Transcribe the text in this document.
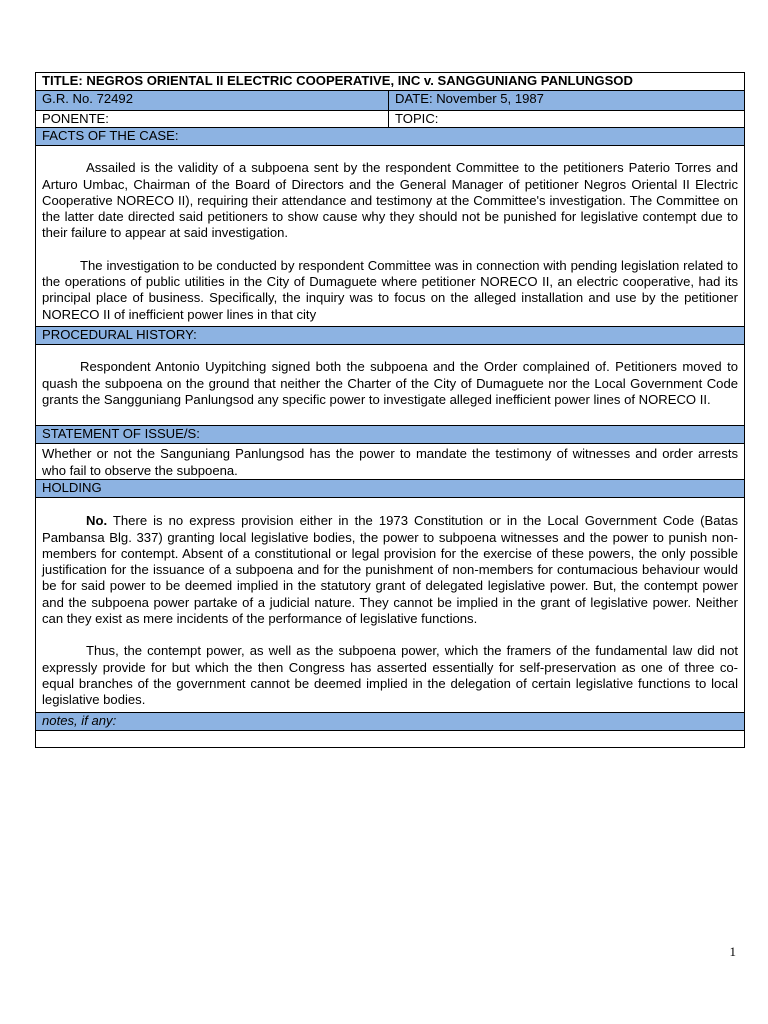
TITLE: NEGROS ORIENTAL II ELECTRIC COOPERATIVE, INC v. SANGGUNIANG PANLUNGSOD	
G.R. No. 72492	DATE: November 5, 1987
PONENTE:	TOPIC:
FACTS OF THE CASE:	

Assailed is the validity of a subpoena sent by the respondent Committee to the petitioners Paterio Torres and Arturo Umbac, Chairman of the Board of Directors and the General Manager of petitioner Negros Oriental II Electric Cooperative NORECO II), requiring their attendance and testimony at the Committee's investigation. The Committee on the latter date directed said petitioners to show cause why they should not be punished for legislative contempt due to their failure to appear at said investigation.

The investigation to be conducted by respondent Committee was in connection with pending legislation related to the operations of public utilities in the City of Dumaguete where petitioner NORECO II, an electric cooperative, had its principal place of business. Specifically, the inquiry was to focus on the alleged installation and use by the petitioner NORECO II of inefficient power lines in that city	

PROCEDURAL HISTORY:	

Respondent Antonio Uypitching signed both the subpoena and the Order complained of. Petitioners moved to quash the subpoena on the ground that neither the Charter of the City of Dumaguete nor the Local Government Code grants the Sangguniang Panlungsod any specific power to investigate alleged inefficient power lines of NORECO II.	

STATEMENT OF ISSUE/S:	

Whether or not the Sanguniang Panlungsod has the power to mandate the testimony of witnesses and order arrests who fail to observe the subpoena.	

HOLDING	

No. There is no express provision either in the 1973 Constitution or in the Local Government Code (Batas Pambansa Blg. 337) granting local legislative bodies, the power to subpoena witnesses and the power to punish non-members for contempt. Absent of a constitutional or legal provision for the exercise of these powers, the only possible justification for the issuance of a subpoena and for the punishment of non-members for contumacious behaviour would be for said power to be deemed implied in the statutory grant of delegated legislative power. But, the contempt power and the subpoena power partake of a judicial nature. They cannot be implied in the grant of legislative power. Neither can they exist as mere incidents of the performance of legislative functions.

Thus, the contempt power, as well as the subpoena power, which the framers of the fundamental law did not expressly provide for but which the then Congress has asserted essentially for self-preservation as one of three co-equal branches of the government cannot be deemed implied in the delegation of certain legislative functions to local legislative bodies.	

notes, if any:	

1
